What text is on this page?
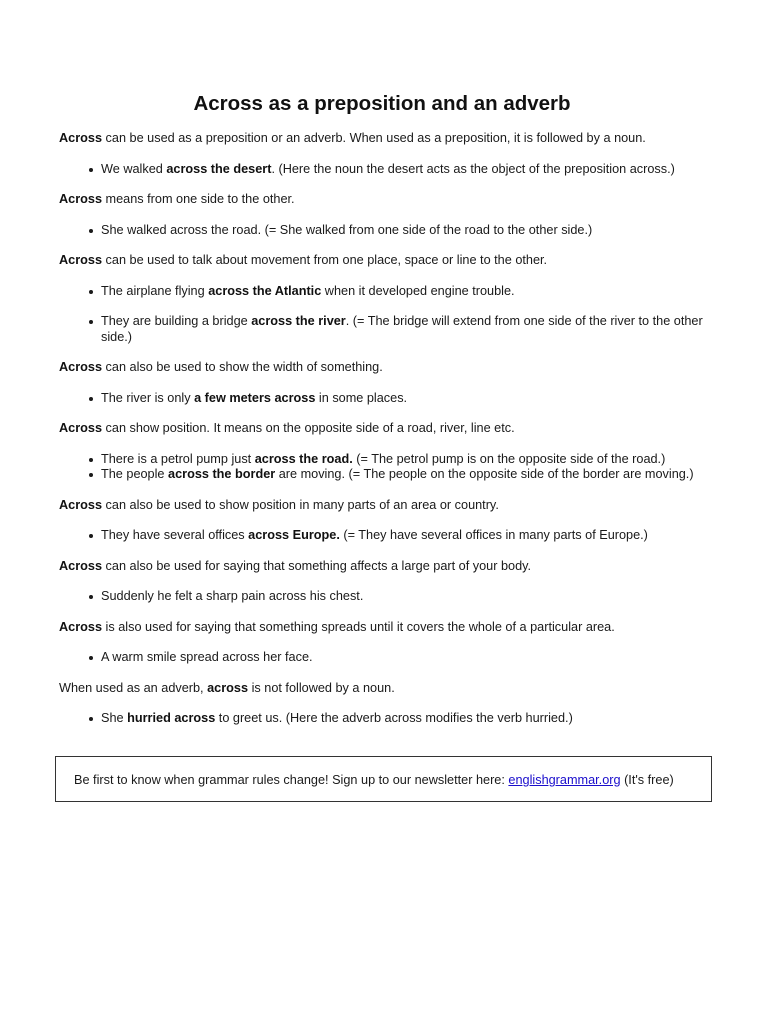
Across as a preposition and an adverb

Across can be used as a preposition or an adverb. When used as a preposition, it is followed by a noun.

We walked across the desert. (Here the noun the desert acts as the object of the preposition across.)

Across means from one side to the other.

She walked across the road. (= She walked from one side of the road to the other side.)

Across can be used to talk about movement from one place, space or line to the other.

The airplane flying across the Atlantic when it developed engine trouble.
They are building a bridge across the river. (= The bridge will extend from one side of the river to the other side.)

Across can also be used to show the width of something.

The river is only a few meters across in some places.

Across can show position. It means on the opposite side of a road, river, line etc.

There is a petrol pump just across the road. (= The petrol pump is on the opposite side of the road.)
The people across the border are moving. (= The people on the opposite side of the border are moving.)

Across can also be used to show position in many parts of an area or country.

They have several offices across Europe. (= They have several offices in many parts of Europe.)

Across can also be used for saying that something affects a large part of your body.

Suddenly he felt a sharp pain across his chest.

Across is also used for saying that something spreads until it covers the whole of a particular area.

A warm smile spread across her face.

When used as an adverb, across is not followed by a noun.

She hurried across to greet us. (Here the adverb across modifies the verb hurried.)
Be first to know when grammar rules change! Sign up to our newsletter here: englishgrammar.org (It's free)
